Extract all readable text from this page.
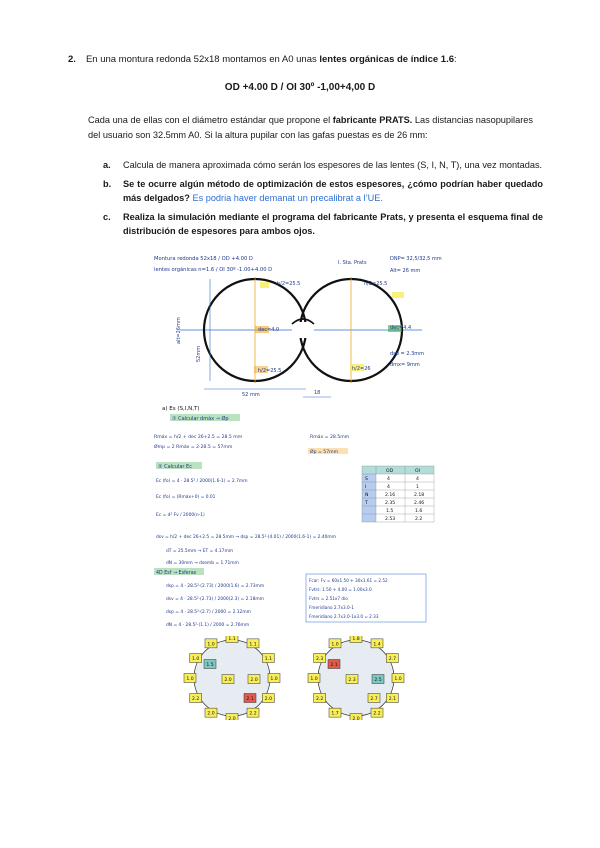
2. En una montura redonda 52x18 montamos en A0 unas lentes orgánicas de índice 1.6:
OD +4.00 D / OI 30º -1,00+4,00 D
Cada una de ellas con el diámetro estándar que propone el fabricante PRATS. Las distancias nasopupilares del usuario son 32.5mm A0. Si la altura pupilar con las gafas puestas es de 26 mm:
a.	Calcula de manera aproximada cómo serán los espesores de las lentes (S, I, N, T), una vez montadas.
b.	Se te ocurre algún método de optimización de estos espesores, ¿cómo podrían haber quedado más delgados? Es podria haver demanat un precalibrat a l’UE.
c.	Realiza la simulación mediante el programa del fabricante Prats, y presenta el esquema final de distribución de espesores para ambos ojos.
Montura redonda 52x18 / OD +4.00 D
lentes orgánicas n=1.6 / OI 30º -1.00+4.00 D
l. Sta. Prats
DNP= 32,5/32,5 mm
Alt= 26 mm
h/2=25.5	h/2=25.5
dec=4.4
dec=4.0
alt=26mm
52mm
h/2=25.5	h/2=26
52 mm	18
dsp = 2.3mm
dmx= 9mm
a) Es (S,I,N,T)
① Calcular dmáx → Øp
Rmáx = h/2 + dec 26+2.5 = 28.5 mm
Ømp = 2 Rmáx = 2·28.5 = 57mm
Rmáx = 28.5mm
Øp = 57mm
② Calcular Ec
Ec (fo) = 4 · 28.5² / 2000(1.6-1) = 2.7mm
Ec (fo) = (Rmáx+0) = 0.01
Ec = d² Fv / 2000(n-1)
OD	OI
S	4	4
I	4	1
N	2.16	2.18
T	2.35	2.46
1.5	1.6
2.53	2.2
dsv = h/2 + dec 26+2.5 = 28.5mm → dsp = 28.5²·(4.01) / 2000(1.6-1) = 2.40mm
dT = 25.5mm → ET = 4.17mm
dN = 30mm → dsemb = 1.71mm
4D Esf → Esferas
dsp = 4 · 28.5²·(2.73) / 2000(1.6) = 2.73mm
dsv = 4 · 28.5²·(2.73) / 2000(2.3) = 2.18mm
dsp = 4 · 28.5²·(2.7) / 2000 = 2.12mm
dN = 4 · 28.5²·(1.1) / 2000 = 2.76mm
Fcar: Fv = 60x1.50 + 30x1.61 = 2.52
Fvtrs: 1.50 + 4.00 = 1.00x3.0
Fvtrs = 2.51x7 dio
Fmeridiano 2.7x3.0-1
Fmeridiano 2.7x3.0-1x3.0 = 2.33
1.1
1.1
1.1
1.0
2.0
2.2
2.0
2.0
2.2
1.0
1.0
1.0
1.5
2.0	2.0
2.1
1.8
1.4
2.7
1.0
2.1
2.2
2.0
1.7
2.2
1.0
2.3
1.0
2.1
2.3	2.5
2.7
